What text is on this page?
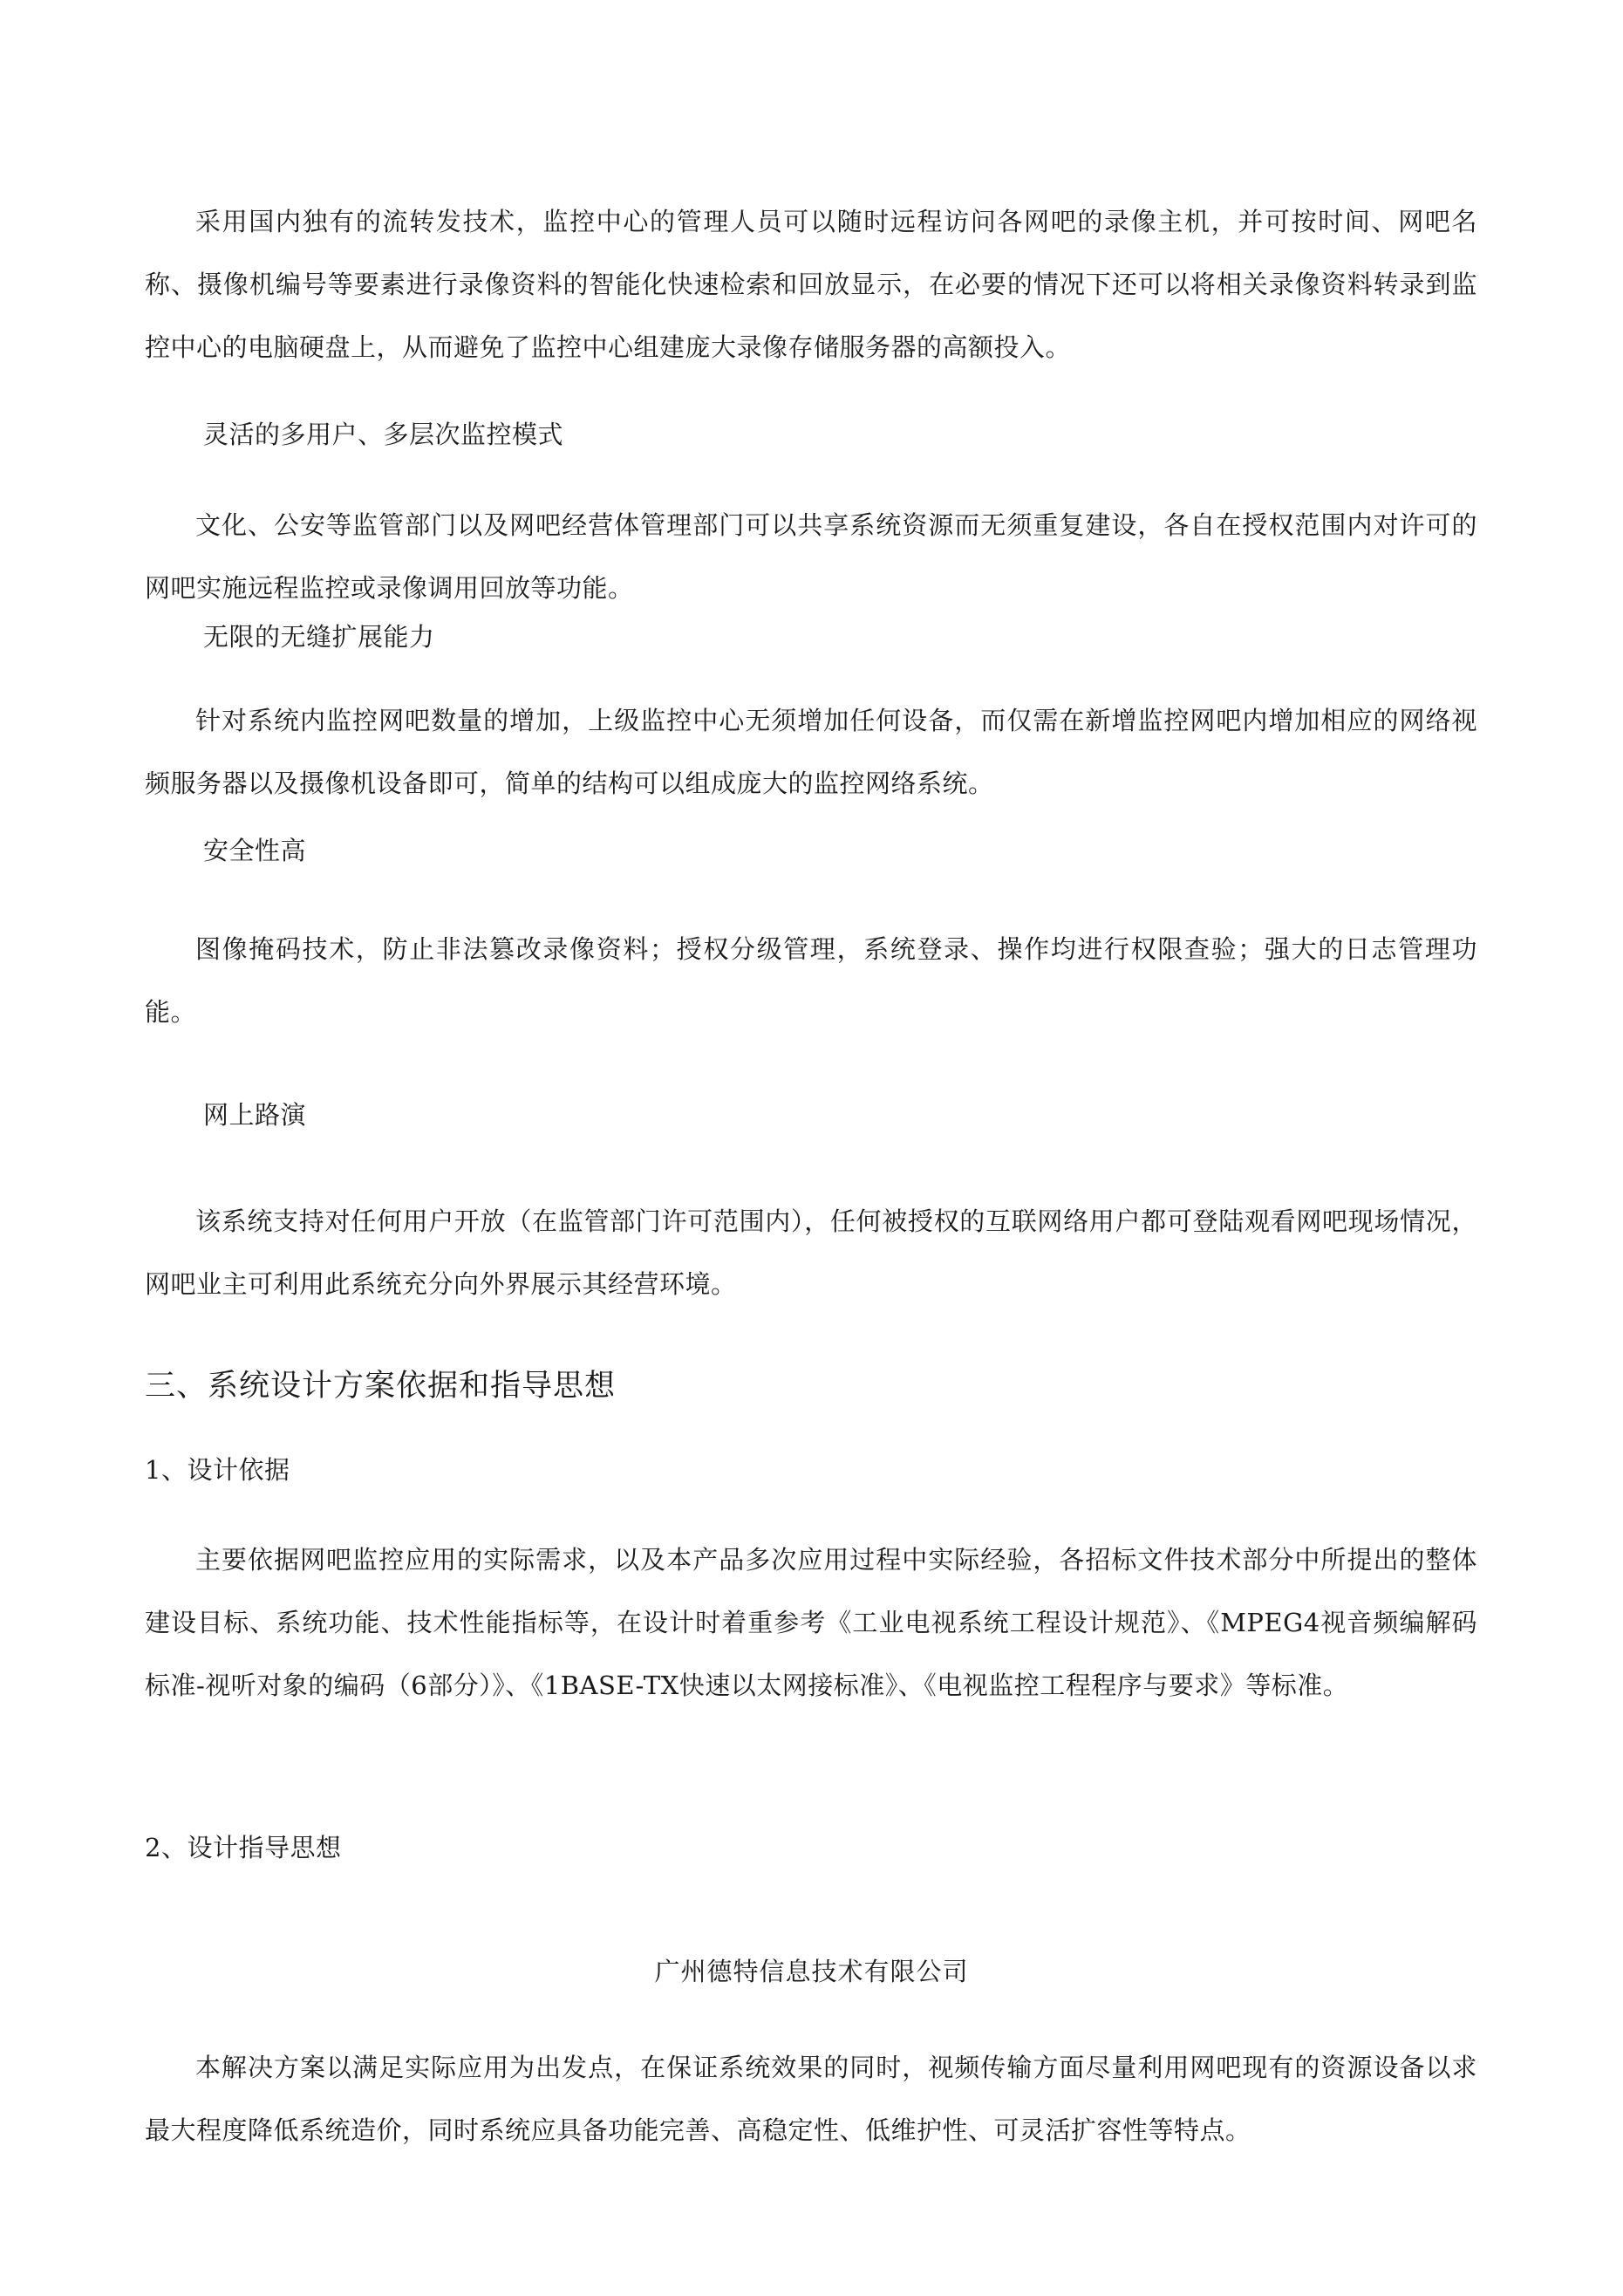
采用国内独有的流转发技术，监控中心的管理人员可以随时远程访问各网吧的录像主机，并可按时间、网吧名称、摄像机编号等要素进行录像资料的智能化快速检索和回放显示，在必要的情况下还可以将相关录像资料转录到监控中心的电脑硬盘上，从而避免了监控中心组建庞大录像存储服务器的高额投入。

灵活的多用户、多层次监控模式

文化、公安等监管部门以及网吧经营体管理部门可以共享系统资源而无须重复建设，各自在授权范围内对许可的网吧实施远程监控或录像调用回放等功能。

无限的无缝扩展能力

针对系统内监控网吧数量的增加，上级监控中心无须增加任何设备，而仅需在新增监控网吧内增加相应的网络视频服务器以及摄像机设备即可，简单的结构可以组成庞大的监控网络系统。

安全性高

图像掩码技术，防止非法篡改录像资料；授权分级管理，系统登录、操作均进行权限查验；强大的日志管理功能。

网上路演

该系统支持对任何用户开放（在监管部门许可范围内），任何被授权的互联网络用户都可登陆观看网吧现场情况，网吧业主可利用此系统充分向外界展示其经营环境。

三、系统设计方案依据和指导思想

1、设计依据

主要依据网吧监控应用的实际需求，以及本产品多次应用过程中实际经验，各招标文件技术部分中所提出的整体建设目标、系统功能、技术性能指标等，在设计时着重参考《工业电视系统工程设计规范》、《MPEG4视音频编解码标准-视听对象的编码（6部分）》、《1BASE-TX快速以太网接标准》、《电视监控工程程序与要求》等标准。

2、设计指导思想

广州德特信息技术有限公司

本解决方案以满足实际应用为出发点，在保证系统效果的同时，视频传输方面尽量利用网吧现有的资源设备以求最大程度降低系统造价，同时系统应具备功能完善、高稳定性、低维护性、可灵活扩容性等特点。
